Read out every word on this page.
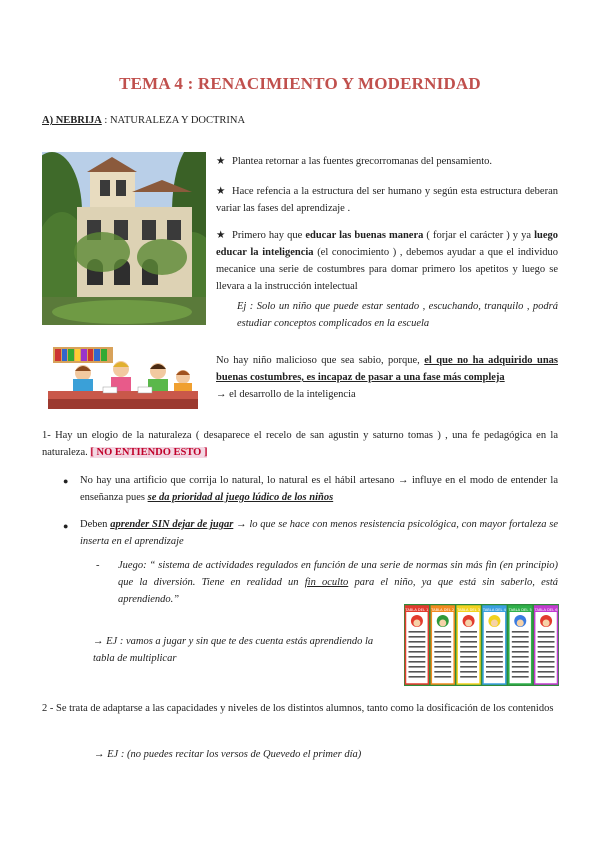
TEMA 4 : RENACIMIENTO Y MODERNIDAD
A) NEBRIJA : NATURALEZA Y DOCTRINA
★ Plantea retornar a las fuentes grecorromanas del pensamiento.
★ Hace refencia a la estructura del ser humano y según esta estructura deberan variar las fases del aprendizaje .
★ Primero hay que educar las buenas manera ( forjar el carácter ) y ya luego educar la inteligencia (el conocimiento ) , debemos ayudar a que el individuo mecanice una serie de costumbres para domar primero los apetitos y luego se llevara a la instrucción intelectual
Ej : Solo un niño que puede estar sentado , escuchando, tranquilo , podrá estudiar conceptos complicados en la escuela
No hay niño malicioso que sea sabio, porque, el que no ha adquirido unas buenas costumbres, es incapaz de pasar a una fase más compleja
→ el desarrollo de la inteligencia
1- Hay un elogio de la naturaleza ( desaparece el recelo de san agustin y saturno tomas ) , una fe pedagógica en la naturaleza. [ NO ENTIENDO ESTO ]
● No hay una artificio que corrija lo natural, lo natural es el hábil artesano → influye en el modo de entender la enseñanza pues se da prioridad al juego lúdico de los niños
● Deben aprender SIN dejar de jugar → lo que se hace con menos resistencia psicológica, con mayor fortaleza se inserta en el aprendizaje
- Juego: “ sistema de actividades regulados en función de una serie de normas sin más fin (en principio) que la diversión. Tiene en realidad un fin oculto para el niño, ya que está sin saberlo, está aprendiendo.”
→ EJ : vamos a jugar y sin que te des cuenta estás aprendiendo la tabla de multiplicar
TABLA DEL 1 TABLA DEL 2 TABLA DEL 3 TABLA DEL 4 TABLA DEL 5 TABLA DEL 6
2 - Se trata de adaptarse a las capacidades y niveles de los distintos alumnos, tanto como la dosificación de los contenidos
→ EJ : (no puedes recitar los versos de Quevedo el primer día)
